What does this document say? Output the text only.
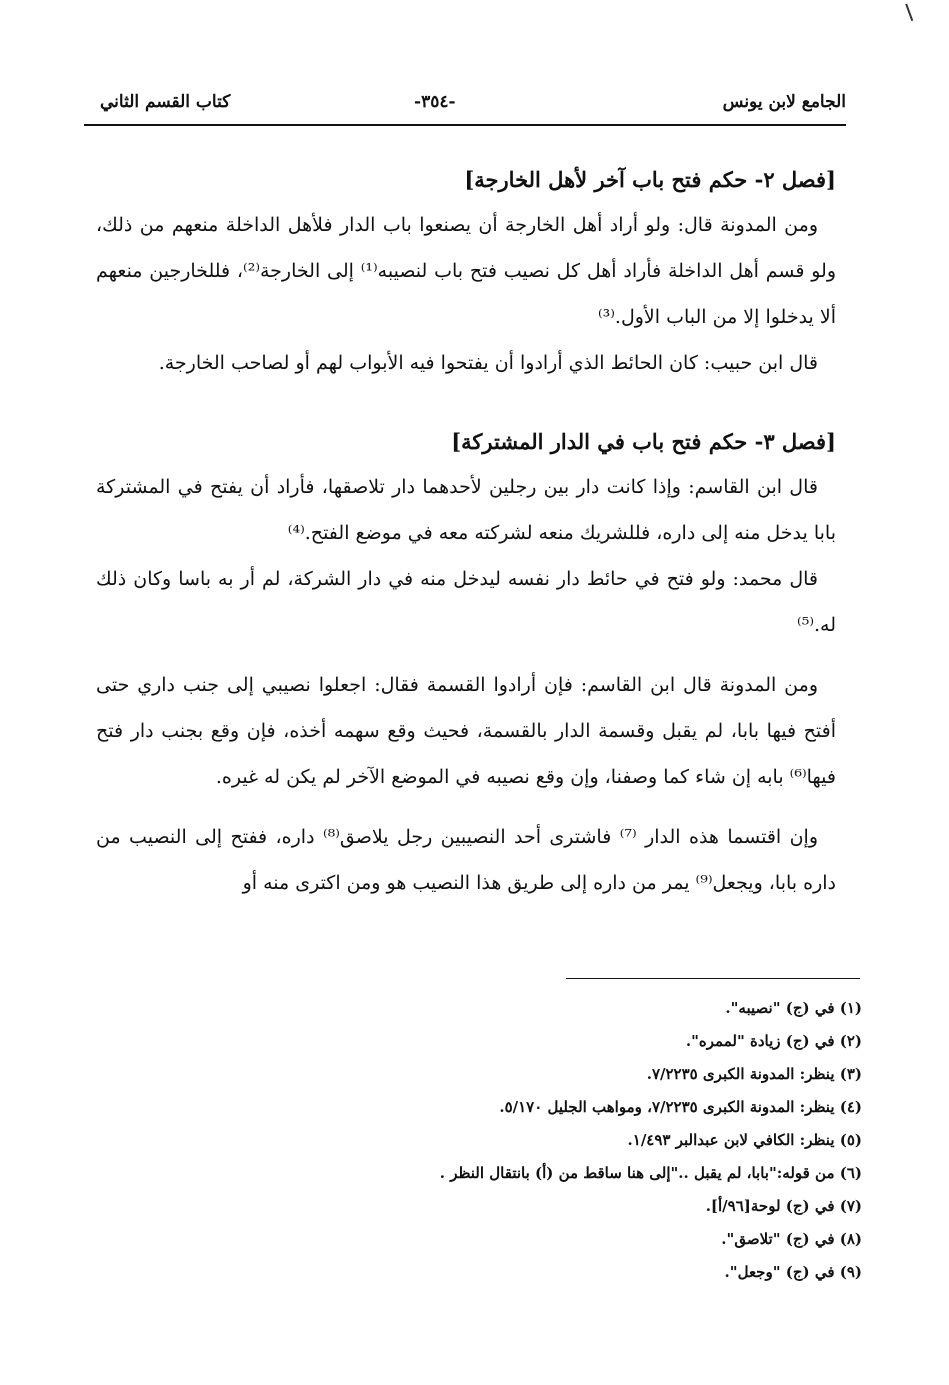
الجامع لابن يونس
-٣٥٤-
كتاب القسم الثاني

[فصل ٢- حكم فتح باب آخر لأهل الخارجة]

ومن المدونة قال: ولو أراد أهل الخارجة أن يصنعوا باب الدار فلأهل الداخلة منعهم من ذلك، ولو قسم أهل الداخلة فأراد أهل كل نصيب فتح باب لنصيبه⁽¹⁾ إلى الخارجة⁽²⁾، فللخارجين منعهم ألا يدخلوا إلا من الباب الأول.⁽³⁾

قال ابن حبيب: كان الحائط الذي أرادوا أن يفتحوا فيه الأبواب لهم أو لصاحب الخارجة.

[فصل ٣- حكم فتح باب في الدار المشتركة]

قال ابن القاسم: وإذا كانت دار بين رجلين لأحدهما دار تلاصقها، فأراد أن يفتح في المشتركة بابا يدخل منه إلى داره، فللشريك منعه لشركته معه في موضع الفتح.⁽⁴⁾

قال محمد: ولو فتح في حائط دار نفسه ليدخل منه في دار الشركة، لم أر به باسا وكان ذلك له.⁽⁵⁾

ومن المدونة قال ابن القاسم: فإن أرادوا القسمة فقال: اجعلوا نصيبي إلى جنب داري حتى أفتح فيها بابا، لم يقبل وقسمة الدار بالقسمة، فحيث وقع سهمه أخذه، فإن وقع بجنب دار فتح فيها⁽⁶⁾ بابه إن شاء كما وصفنا، وإن وقع نصيبه في الموضع الآخر لم يكن له غيره.

وإن اقتسما هذه الدار ⁽⁷⁾ فاشترى أحد النصيبين رجل يلاصق⁽⁸⁾ داره، ففتح إلى النصيب من داره بابا، ويجعل⁽⁹⁾ يمر من داره إلى طريق هذا النصيب هو ومن اكترى منه أو

(١) في (ج) "نصيبه".

(٢) في (ج) زيادة "لممره".

(٣) ينظر: المدونة الكبرى ٧/٢٢٣٥.

(٤) ينظر: المدونة الكبرى ٧/٢٢٣٥، ومواهب الجليل ٥/١٧٠.

(٥) ينظر: الكافي لابن عبدالبر ١/٤٩٣.

(٦) من قوله:"بابا، لم يقبل .."إلى هنا ساقط من (أ) بانتقال النظر .

(٧) في (ج) لوحة[٩٦/أ].

(٨) في (ج) "تلاصق".

(٩) في (ج) "وجعل".
